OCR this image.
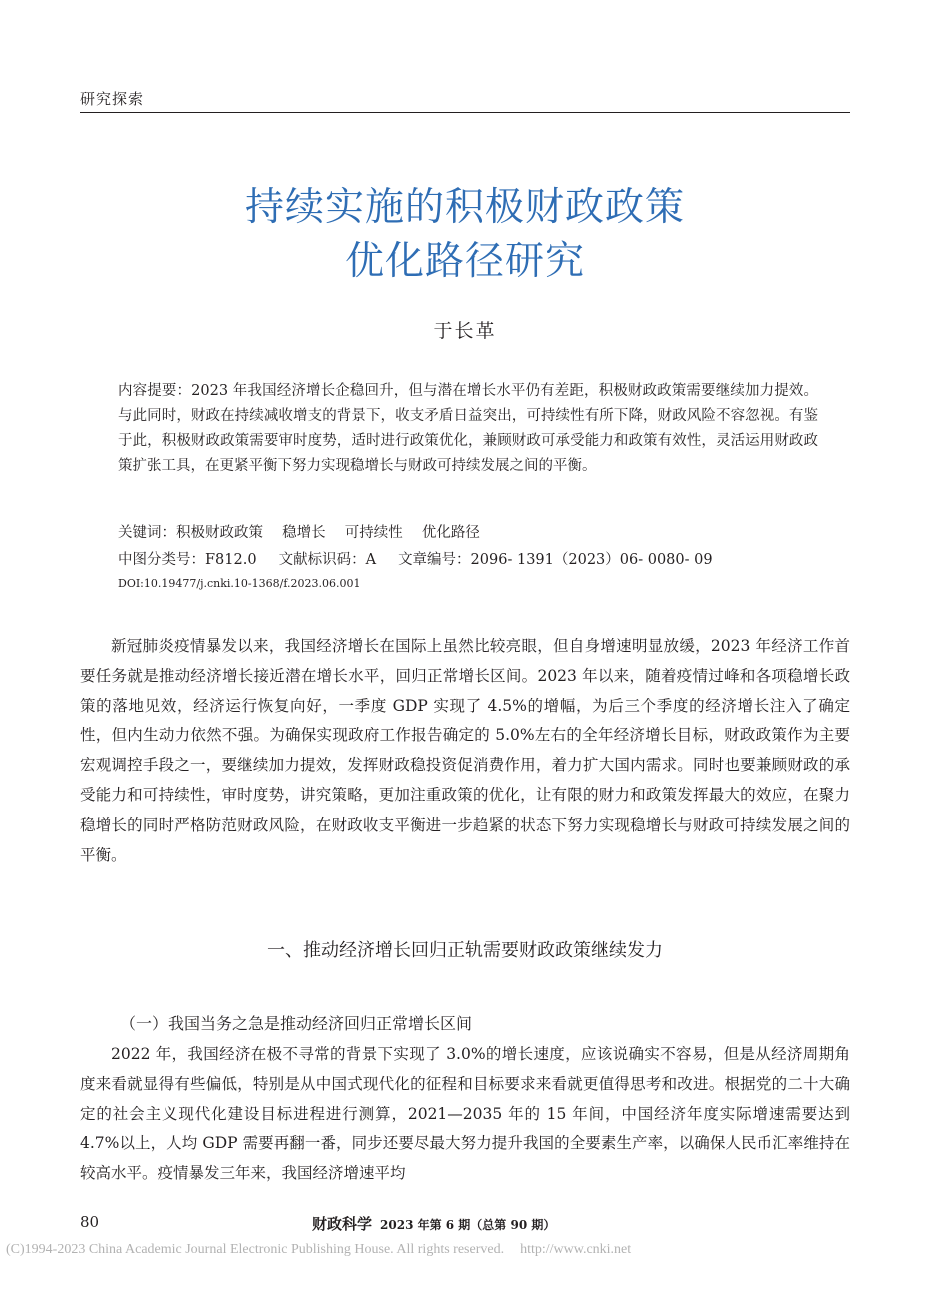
研究探索
持续实施的积极财政政策
优化路径研究
于长革
内容提要：2023 年我国经济增长企稳回升，但与潜在增长水平仍有差距，积极财政政策需要继续加力提效。与此同时，财政在持续减收增支的背景下，收支矛盾日益突出，可持续性有所下降，财政风险不容忽视。有鉴于此，积极财政政策需要审时度势，适时进行政策优化，兼顾财政可承受能力和政策有效性，灵活运用财政政策扩张工具，在更紧平衡下努力实现稳增长与财政可持续发展之间的平衡。
关键词：积极财政政策　 稳增长　 可持续性　 优化路径
中图分类号：F812.0 文献标识码：A 文章编号：2096- 1391（2023）06- 0080- 09
DOI:10.19477/j.cnki.10-1368/f.2023.06.001
新冠肺炎疫情暴发以来，我国经济增长在国际上虽然比较亮眼，但自身增速明显放缓，2023 年经济工作首要任务就是推动经济增长接近潜在增长水平，回归正常增长区间。2023 年以来，随着疫情过峰和各项稳增长政策的落地见效，经济运行恢复向好，一季度 GDP 实现了 4.5%的增幅，为后三个季度的经济增长注入了确定性，但内生动力依然不强。为确保实现政府工作报告确定的 5.0%左右的全年经济增长目标，财政政策作为主要宏观调控手段之一，要继续加力提效，发挥财政稳投资促消费作用，着力扩大国内需求。同时也要兼顾财政的承受能力和可持续性，审时度势，讲究策略，更加注重政策的优化，让有限的财力和政策发挥最大的效应，在聚力稳增长的同时严格防范财政风险，在财政收支平衡进一步趋紧的状态下努力实现稳增长与财政可持续发展之间的平衡。
一、推动经济增长回归正轨需要财政政策继续发力
（一）我国当务之急是推动经济回归正常增长区间
2022 年，我国经济在极不寻常的背景下实现了 3.0%的增长速度，应该说确实不容易，但是从经济周期角度来看就显得有些偏低，特别是从中国式现代化的征程和目标要求来看就更值得思考和改进。根据党的二十大确定的社会主义现代化建设目标进程进行测算，2021—2035 年的 15 年间，中国经济年度实际增速需要达到 4.7%以上，人均 GDP 需要再翻一番，同步还要尽最大努力提升我国的全要素生产率，以确保人民币汇率维持在较高水平。疫情暴发三年来，我国经济增速平均
80	财政科学 2023 年第 6 期（总第 90 期）
(C)1994-2023 China Academic Journal Electronic Publishing House. All rights reserved. http://www.cnki.net
